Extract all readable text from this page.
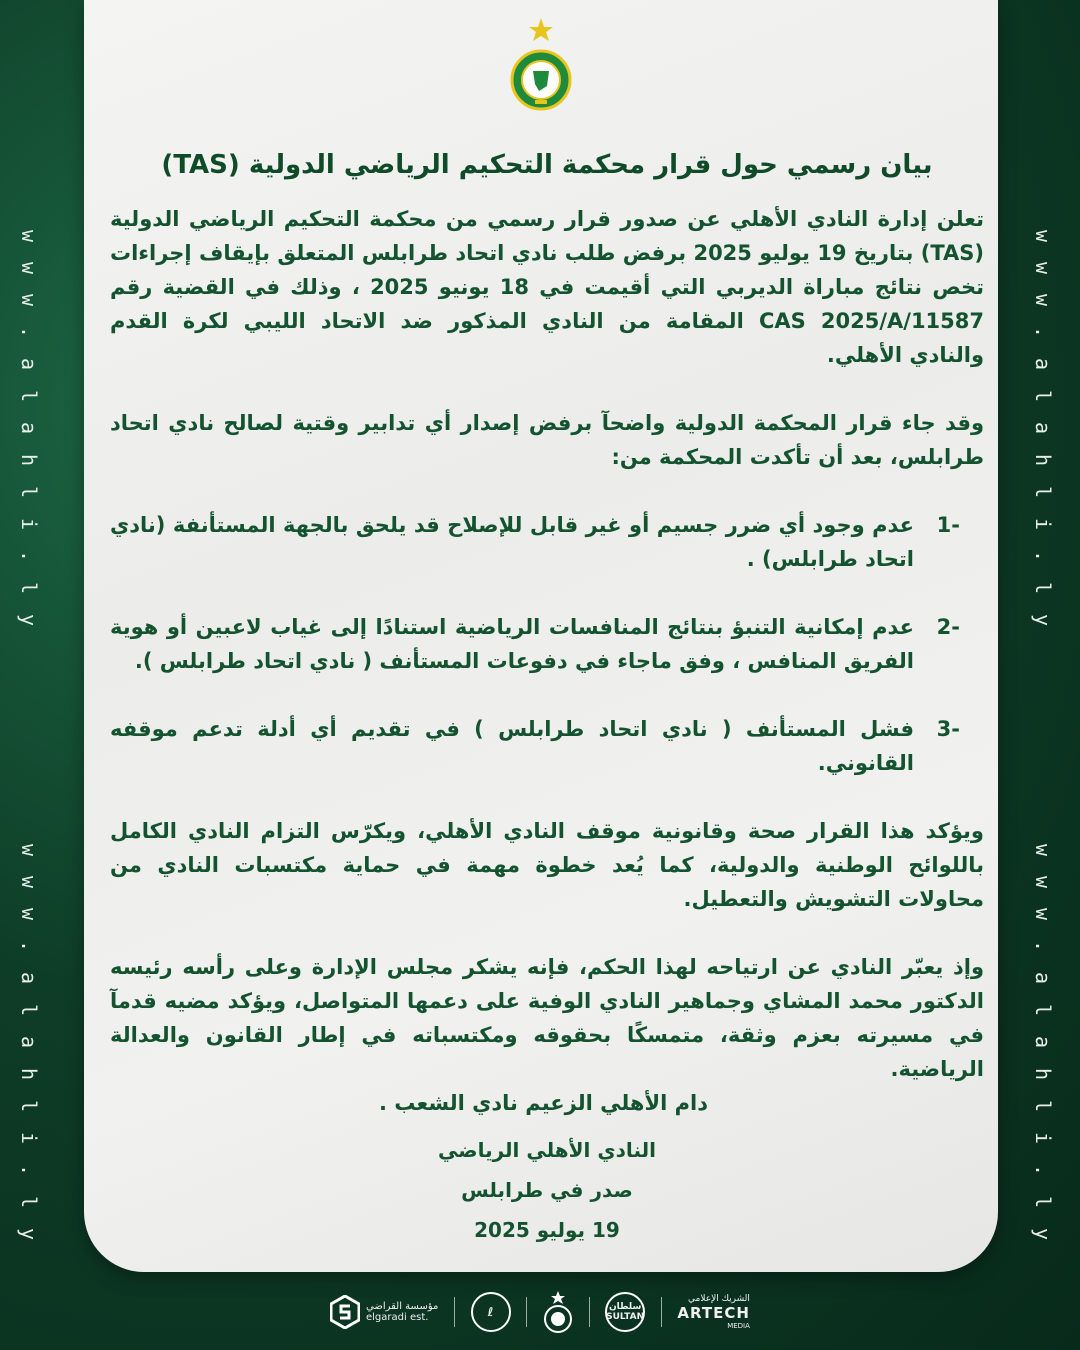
w
w
w
.
a
l
a
h
l
i
.
l
y
w
w
w
.
a
l
a
h
l
i
.
l
y
w
w
w
.
a
l
a
h
l
i
.
l
y
w
w
w
.
a
l
a
h
l
i
.
l
y
بيان رسمي حول قرار محكمة التحكيم الرياضي الدولية (TAS)

تعلن إدارة النادي الأهلي عن صدور قرار رسمي من محكمة التحكيم الرياضي الدولية (TAS) بتاريخ 19 يوليو 2025 برفض طلب نادي اتحاد طرابلس المتعلق بإيقاف إجراءات تخص نتائج مباراة الديربي التي أقيمت في 18 يونيو 2025 ، وذلك في القضية رقم CAS 2025/A/11587 المقامة من النادي المذكور ضد الاتحاد الليبي لكرة القدم والنادي الأهلي.

وقد جاء قرار المحكمة الدولية واضحآ برفض إصدار أي تدابير وقتية لصالح نادي اتحاد طرابلس، بعد أن تأكدت المحكمة من:

-1
عدم وجود أي ضرر جسيم أو غير قابل للإصلاح قد يلحق بالجهة المستأنفة (نادي اتحاد طرابلس) .
-2
عدم إمكانية التنبؤ بنتائج المنافسات الرياضية استنادًا إلى غياب لاعبين أو هوية الفريق المنافس ، وفق ماجاء في دفوعات المستأنف ( نادي اتحاد طرابلس ).
-3
فشل المستأنف ( نادي اتحاد طرابلس ) في تقديم أي أدلة تدعم موقفه القانوني.

ويؤكد هذا القرار صحة وقانونية موقف النادي الأهلي، ويكرّس التزام النادي الكامل باللوائح الوطنية والدولية، كما يُعد خطوة مهمة في حماية مكتسبات النادي من محاولات التشويش والتعطيل.

وإذ يعبّر النادي عن ارتياحه لهذا الحكم، فإنه يشكر مجلس الإدارة وعلى رأسه رئيسه الدكتور محمد المشاي وجماهير النادي الوفية على دعمها المتواصل، ويؤكد مضيه قدمآ في مسيرته بعزم وثقة، متمسكًا بحقوقه ومكتسباته في إطار القانون والعدالة الرياضية.

دام الأهلي الزعيم نادي الشعب .

النادي الأهلي الرياضي

صدر في طرابلس

19 يوليو 2025

مؤسسة القراضي
elgaradi est.	ℓ	سلطان
SULTAN
الشريك الإعلامي
ARTECH
MEDIA
